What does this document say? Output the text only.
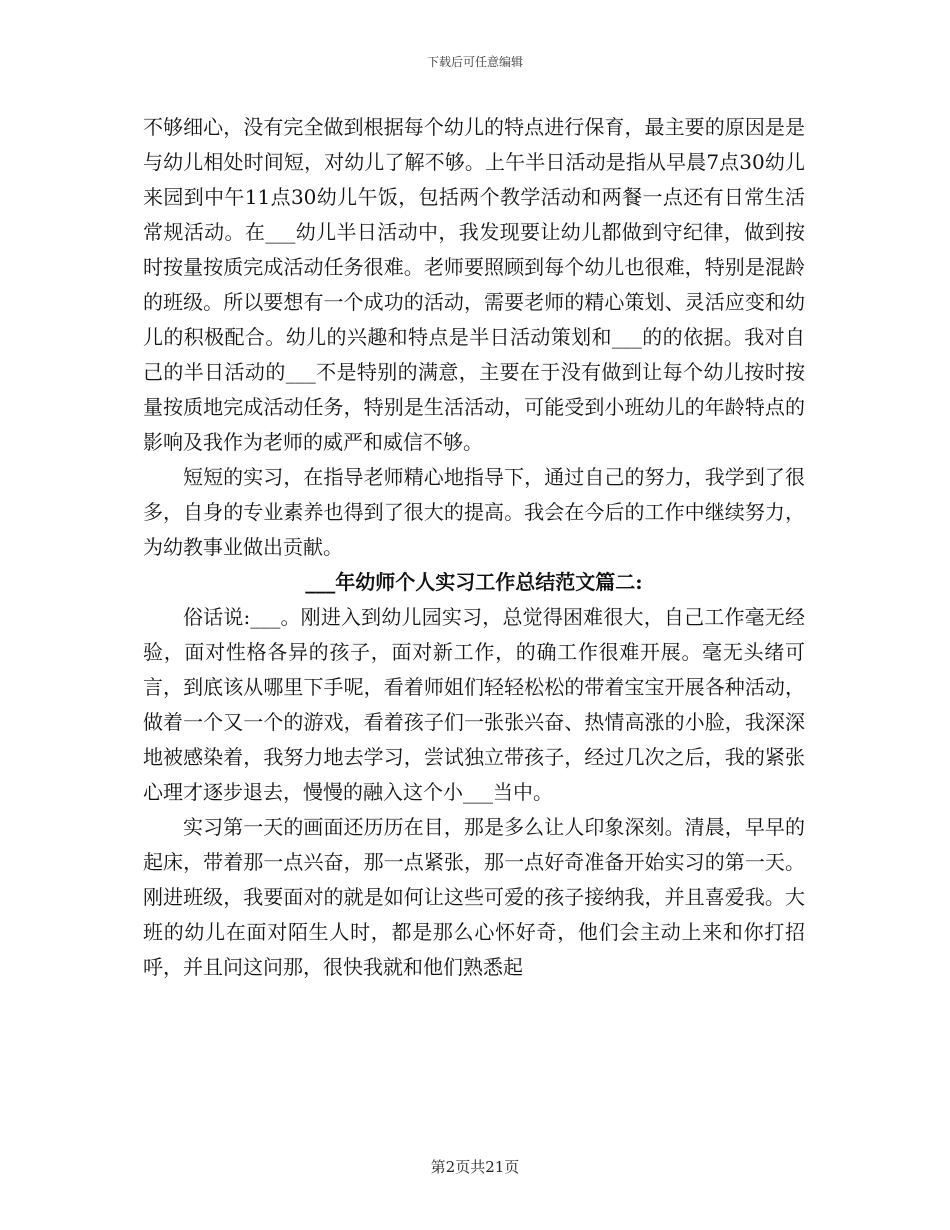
下载后可任意编辑

不够细心，没有完全做到根据每个幼儿的特点进行保育，最主要的原因是是与幼儿相处时间短，对幼儿了解不够。上午半日活动是指从早晨7点30幼儿来园到中午11点30幼儿午饭，包括两个教学活动和两餐一点还有日常生活常规活动。在___幼儿半日活动中，我发现要让幼儿都做到守纪律，做到按时按量按质完成活动任务很难。老师要照顾到每个幼儿也很难，特别是混龄的班级。所以要想有一个成功的活动，需要老师的精心策划、灵活应变和幼儿的积极配合。幼儿的兴趣和特点是半日活动策划和___的的依据。我对自己的半日活动的___不是特别的满意，主要在于没有做到让每个幼儿按时按量按质地完成活动任务，特别是生活活动，可能受到小班幼儿的年龄特点的影响及我作为老师的威严和威信不够。

短短的实习，在指导老师精心地指导下，通过自己的努力，我学到了很多，自身的专业素养也得到了很大的提高。我会在今后的工作中继续努力，为幼教事业做出贡献。

___年幼师个人实习工作总结范文篇二:

俗话说:___。刚进入到幼儿园实习，总觉得困难很大，自己工作毫无经验，面对性格各异的孩子，面对新工作，的确工作很难开展。毫无头绪可言，到底该从哪里下手呢，看着师姐们轻轻松松的带着宝宝开展各种活动，做着一个又一个的游戏，看着孩子们一张张兴奋、热情高涨的小脸，我深深地被感染着，我努力地去学习，尝试独立带孩子，经过几次之后，我的紧张心理才逐步退去，慢慢的融入这个小___当中。

实习第一天的画面还历历在目，那是多么让人印象深刻。清晨，早早的起床，带着那一点兴奋，那一点紧张，那一点好奇准备开始实习的第一天。刚进班级，我要面对的就是如何让这些可爱的孩子接纳我，并且喜爱我。大班的幼儿在面对陌生人时，都是那么心怀好奇，他们会主动上来和你打招呼，并且问这问那，很快我就和他们熟悉起

第2页共21页
